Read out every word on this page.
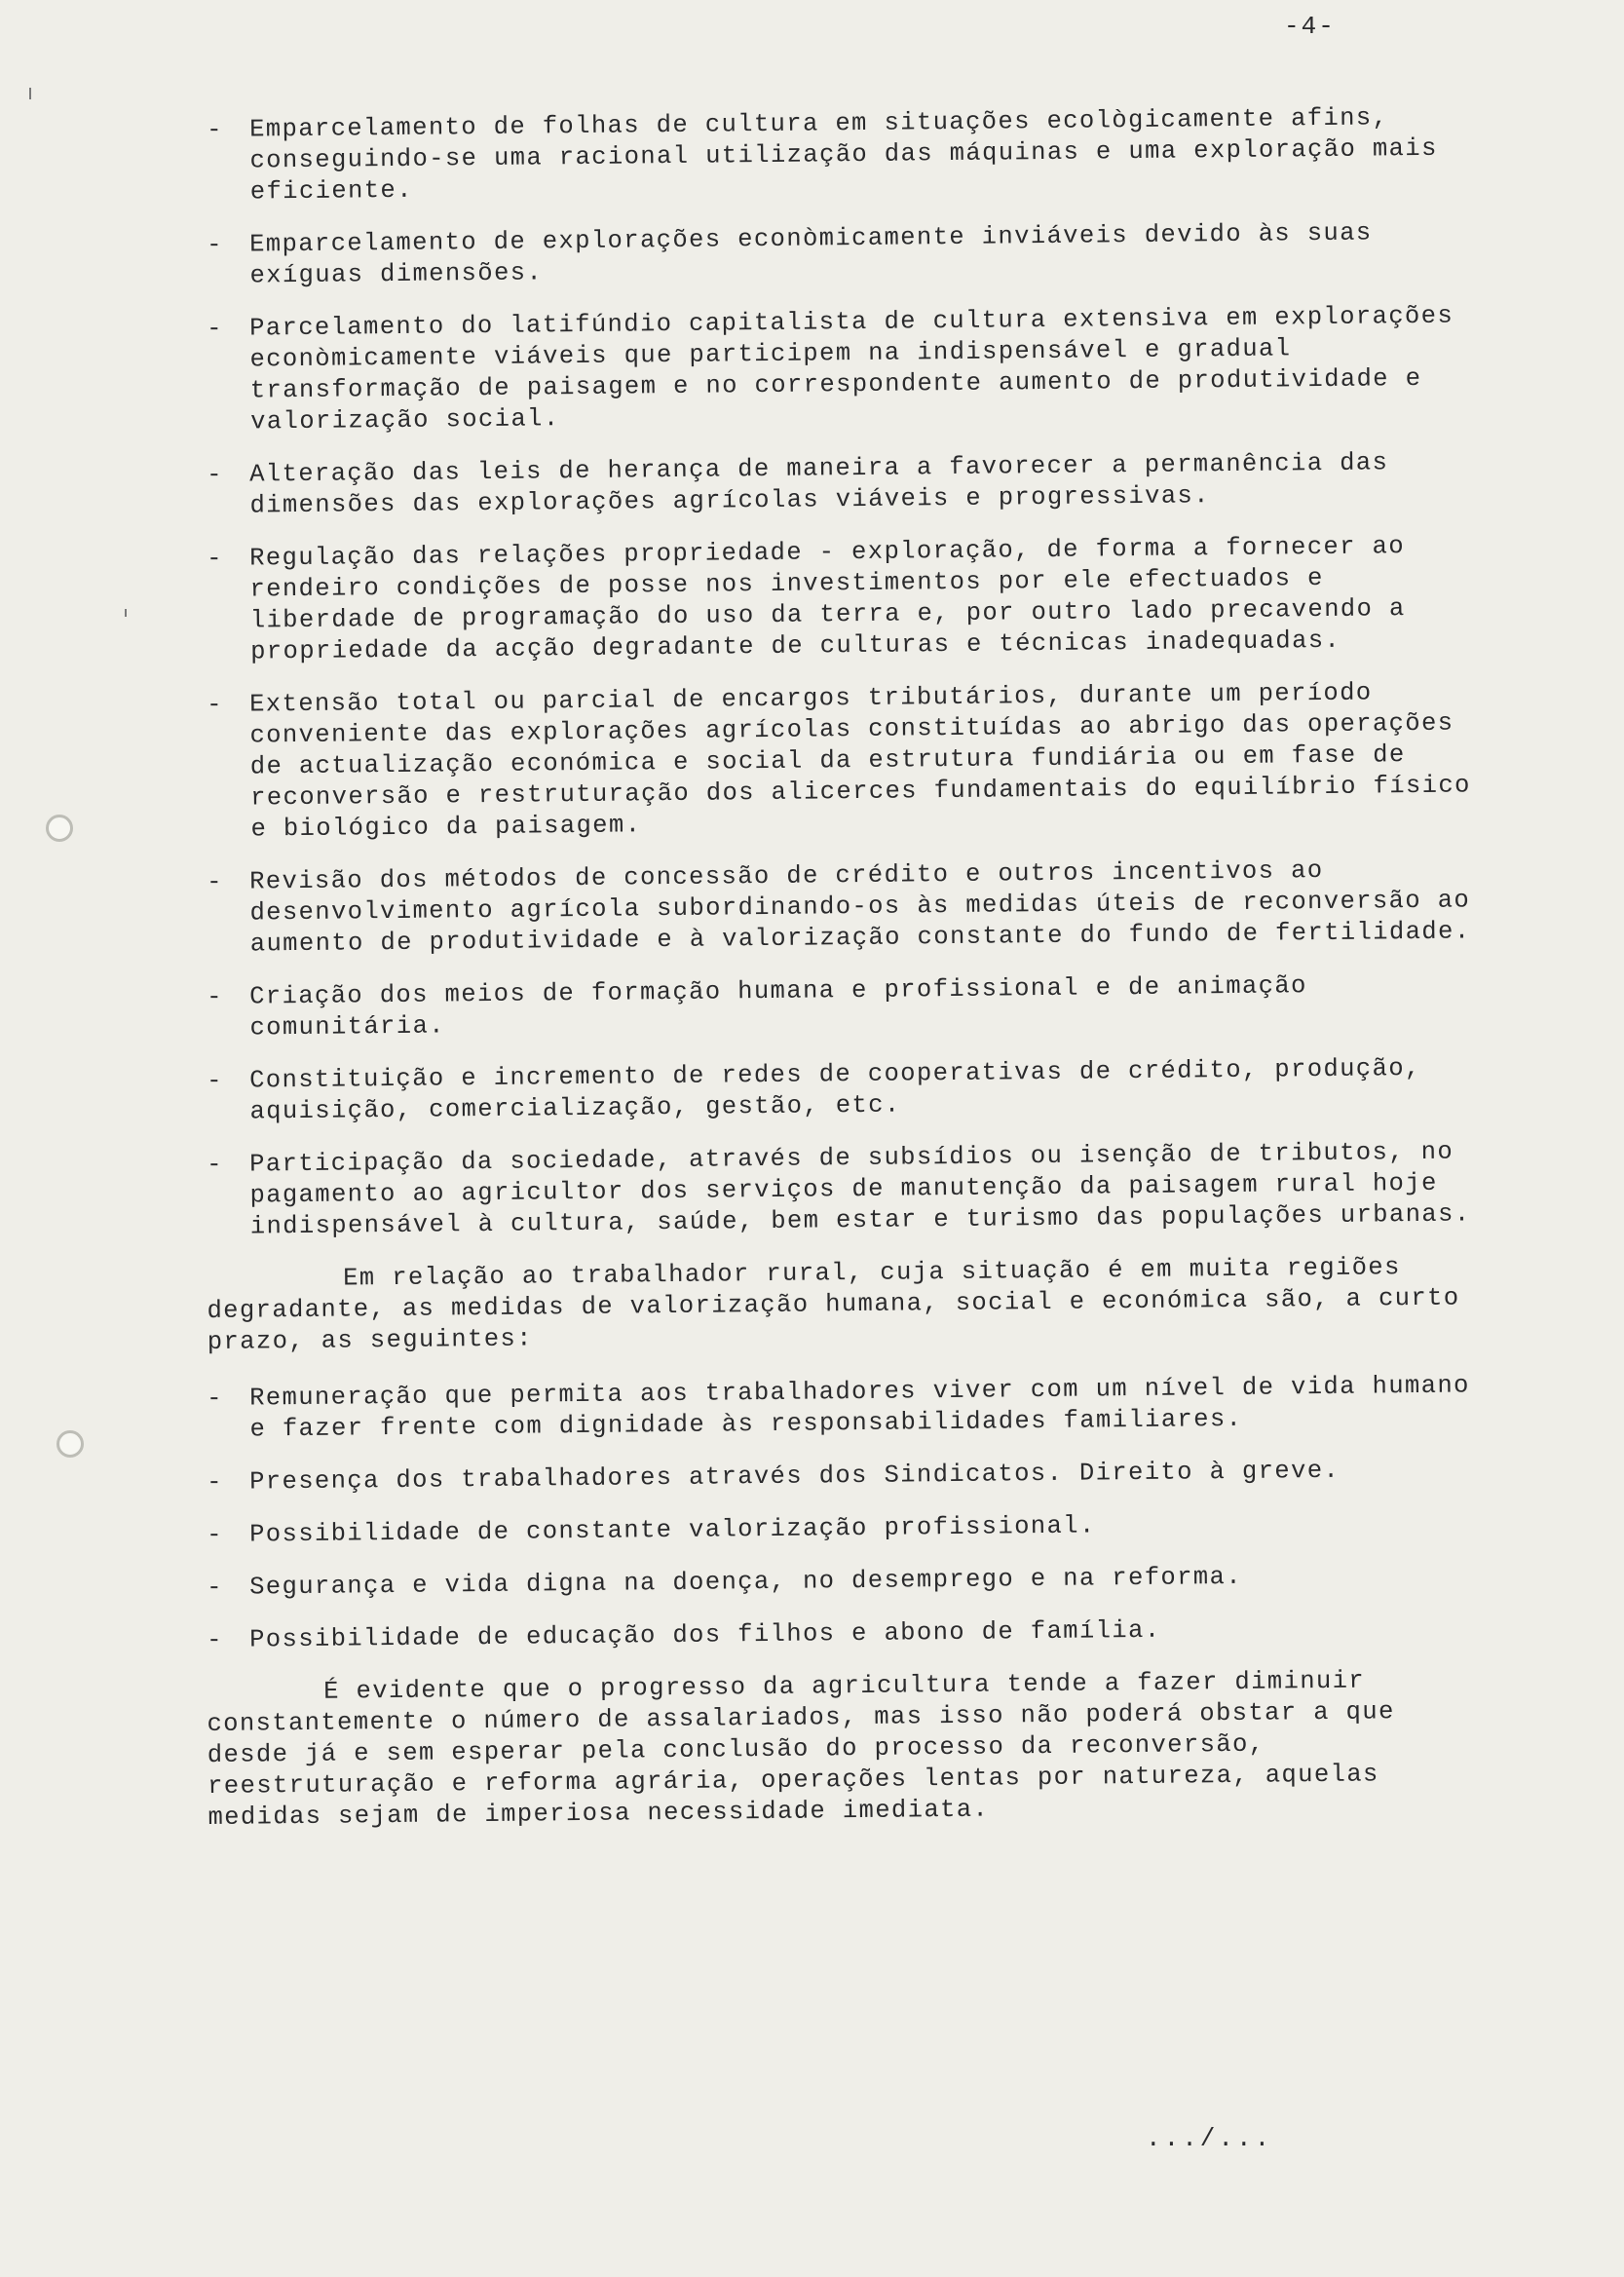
-4-
- Emparcelamento de folhas de cultura em situações ecològicamente afins, conseguindo-se uma racional utilização das máquinas e uma exploração mais eficiente.
- Emparcelamento de explorações econòmicamente inviáveis devido às suas exíguas dimensões.
- Parcelamento do latifúndio capitalista de cultura extensiva em explorações econòmicamente viáveis que participem na indispensável e gradual transformação de paisagem e no correspondente aumento de produtividade e valorização social.
- Alteração das leis de herança de maneira a favorecer a permanência das dimensões das explorações agrícolas viáveis e progressivas.
- Regulação das relações propriedade - exploração, de forma a fornecer ao rendeiro condições de posse nos investimentos por ele efectuados e liberdade de programação do uso da terra e, por outro lado precavendo a propriedade da acção degradante de culturas e técnicas inadequadas.
- Extensão total ou parcial de encargos tributários, durante um período conveniente das explorações agrícolas constituídas ao abrigo das operações de actualização económica e social da estrutura fundiária ou em fase de reconversão e restruturação dos alicerces fundamentais do equilíbrio físico e biológico da paisagem.
- Revisão dos métodos de concessão de crédito e outros incentivos ao desenvolvimento agrícola subordinando-os às medidas úteis de reconversão ao aumento de produtividade e à valorização constante do fundo de fertilidade.
- Criação dos meios de formação humana e profissional e de animação comunitária.
- Constituição e incremento de redes de cooperativas de crédito, produção, aquisição, comercialização, gestão, etc.
- Participação da sociedade, através de subsídios ou isenção de tributos, no pagamento ao agricultor dos serviços de manutenção da paisagem rural hoje indispensável à cultura, saúde, bem estar e turismo das populações urbanas.

Em relação ao trabalhador rural, cuja situação é em muita regiões degradante, as medidas de valorização humana, social e económica são, a curto prazo, as seguintes:

- Remuneração que permita aos trabalhadores viver com um nível de vida humano e fazer frente com dignidade às responsabilidades familiares.
- Presença dos trabalhadores através dos Sindicatos. Direito à greve.
- Possibilidade de constante valorização profissional.
- Segurança e vida digna na doença, no desemprego e na reforma.
- Possibilidade de educação dos filhos e abono de família.

É evidente que o progresso da agricultura tende a fazer diminuir constantemente o número de assalariados, mas isso não poderá obstar a que desde já e sem esperar pela conclusão do processo da reconversão, reestruturação e reforma agrária, operações lentas por natureza, aquelas medidas sejam de imperiosa necessidade imediata.

.../...
